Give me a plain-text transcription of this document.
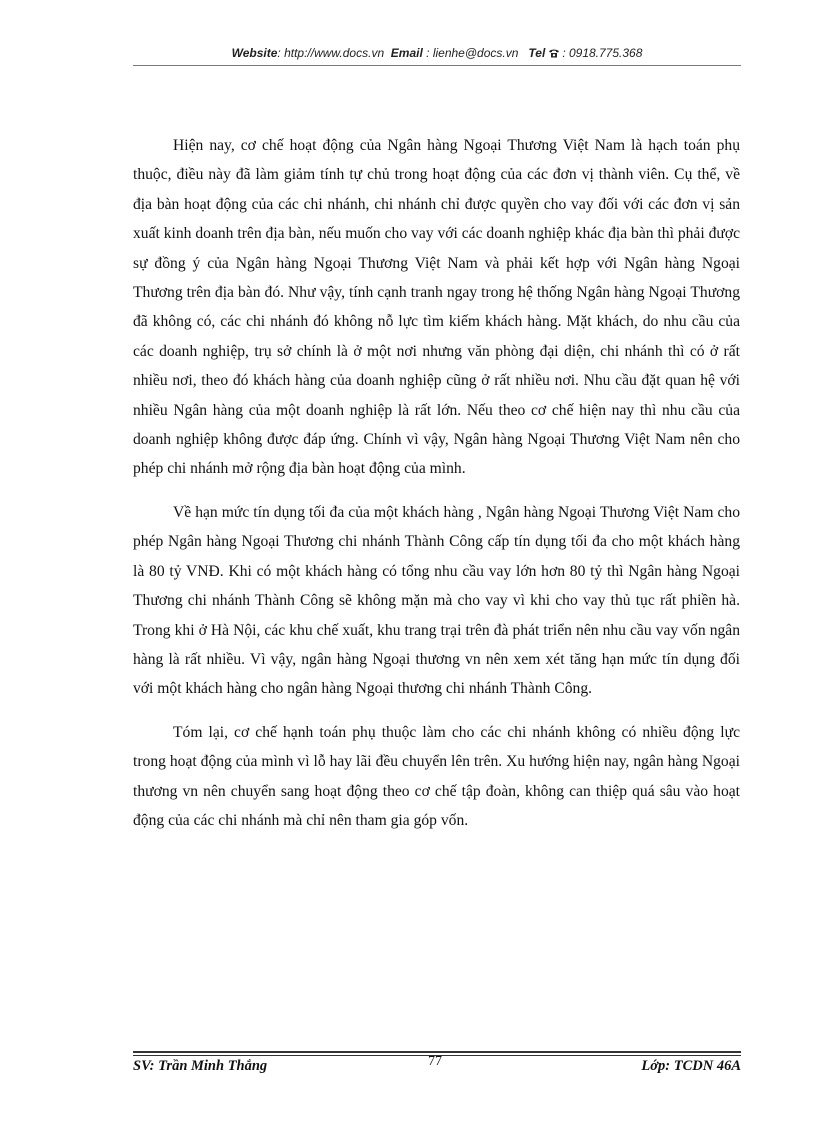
Website: http://www.docs.vn Email : lienhe@docs.vn Tel : 0918.775.368

Hiện nay, cơ chế hoạt động của Ngân hàng Ngoại Thương Việt Nam là hạch toán phụ thuộc, điều này đã làm giảm tính tự chủ trong hoạt động của các đơn vị thành viên. Cụ thể, về địa bàn hoạt động của các chi nhánh, chi nhánh chỉ được quyền cho vay đối với các đơn vị sản xuất kinh doanh trên địa bàn, nếu muốn cho vay với các doanh nghiệp khác địa bàn thì phải được sự đồng ý của Ngân hàng Ngoại Thương Việt Nam và phải kết hợp với Ngân hàng Ngoại Thương trên địa bàn đó. Như vậy, tính cạnh tranh ngay trong hệ thống Ngân hàng Ngoại Thương đã không có, các chi nhánh đó không nỗ lực tìm kiếm khách hàng. Mặt khách, do nhu cầu của các doanh nghiệp, trụ sở chính là ở một nơi nhưng văn phòng đại diện, chi nhánh thì có ở rất nhiều nơi, theo đó khách hàng của doanh nghiệp cũng ở rất nhiều nơi. Nhu cầu đặt quan hệ với nhiều Ngân hàng của một doanh nghiệp là rất lớn. Nếu theo cơ chế hiện nay thì nhu cầu của doanh nghiệp không được đáp ứng. Chính vì vậy, Ngân hàng Ngoại Thương Việt Nam nên cho phép chi nhánh mở rộng địa bàn hoạt động của mình.

Về hạn mức tín dụng tối đa của một khách hàng , Ngân hàng Ngoại Thương Việt Nam cho phép Ngân hàng Ngoại Thương chi nhánh Thành Công cấp tín dụng tối đa cho một khách hàng là 80 tỷ VNĐ. Khi có một khách hàng có tổng nhu cầu vay lớn hơn 80 tỷ thì Ngân hàng Ngoại Thương chi nhánh Thành Công sẽ không mặn mà cho vay vì khi cho vay thủ tục rất phiền hà. Trong khi ở Hà Nội, các khu chế xuất, khu trang trại trên đà phát triển nên nhu cầu vay vốn ngân hàng là rất nhiều. Vì vậy, ngân hàng Ngoại thương vn nên xem xét tăng hạn mức tín dụng đối với một khách hàng cho ngân hàng Ngoại thương chi nhánh Thành Công.

Tóm lại, cơ chế hạnh toán phụ thuộc làm cho các chi nhánh không có nhiều động lực trong hoạt động của mình vì lỗ hay lãi đều chuyển lên trên. Xu hướng hiện nay, ngân hàng Ngoại thương vn nên chuyển sang hoạt động theo cơ chế tập đoàn, không can thiệp quá sâu vào hoạt động của các chi nhánh mà chỉ nên tham gia góp vốn.

SV: Trần Minh Thắng	77	Lớp: TCDN 46A
